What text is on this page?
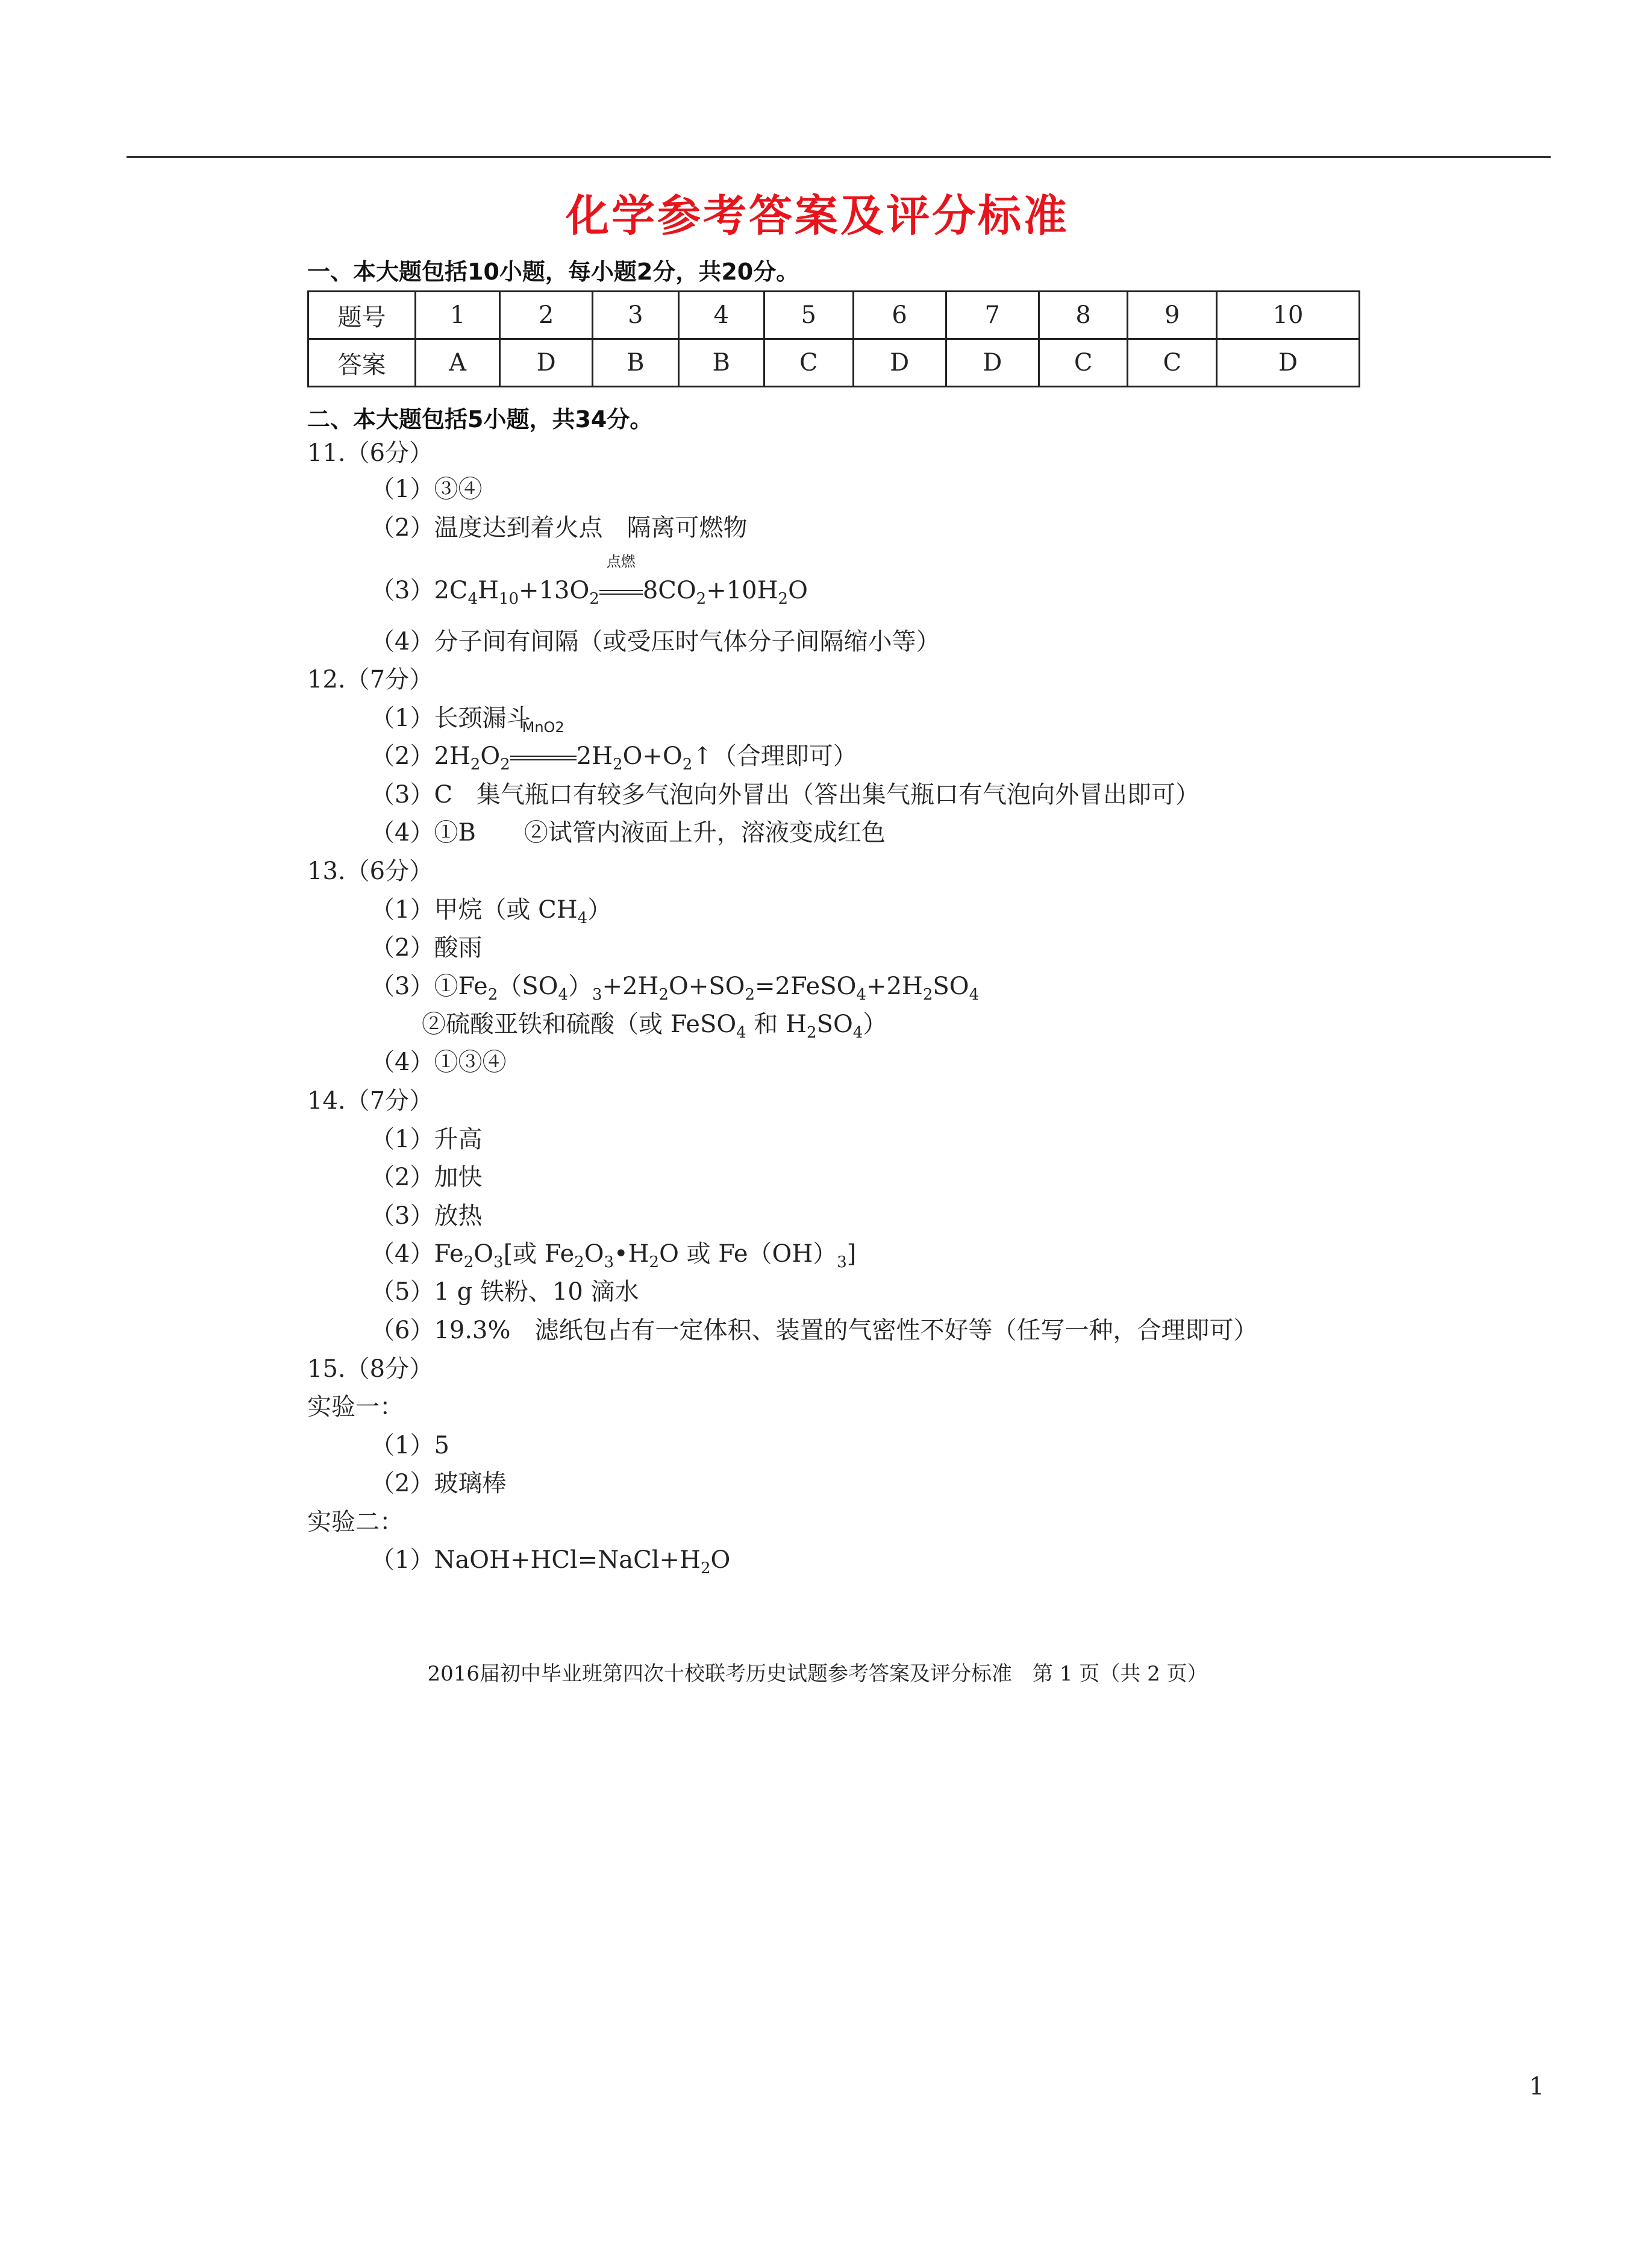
化学参考答案及评分标准
一、本大题包括10小题，每小题2分，共20分。
题号	1	2	3	4	5	6	7	8	9	10
答案	A	D	B	B	C	D	D	C	C	D
二、本大题包括5小题，共34分。
11.（6分）
（1）③④
（2）温度达到着火点　隔离可燃物
$(3)2C_4H_{10}+13O_2$
点燃
$8CO_2+10H_2O$
（4）分子间有间隔（或受压时气体分子间隔缩小等）
12.（7分）
（1）长颈漏斗
$(2)2H_2O_2$
MnO2
$2H_2O+O_2↑$（合理即可）
（3）C　集气瓶口有较多气泡向外冒出（答出集气瓶口有气泡向外冒出即可）
（4）①B　　②试管内液面上升，溶液变成红色
13.（6分）
（1）甲烷（或 $CH_4$）
（2）酸雨
$(3)①Fe_2(SO_4)_3+2H_2O+SO_2=2FeSO_4+2H_2SO_4$
②硫酸亚铁和硫酸（或 FeSO$_4$ 和 $H_2SO_4$）
（4）①③④
14.（7分）
（1）升高
（2）加快
（3）放热
$(4)Fe_2O_3$[或 $Fe_2O_3•H_2O$ 或 $Fe(OH)_3$]
（5）1 g 铁粉、10 滴水
（6）19.3%　滤纸包占有一定体积、装置的气密性不好等（任写一种，合理即可）
15.（8分）
实验一：
（1）5
（2）玻璃棒
实验二：
$(1)NaOH+HCl=NaCl+H_2O$
2016届初中毕业班第四次十校联考历史试题参考答案及评分标准　第 1 页（共 2 页）
1
